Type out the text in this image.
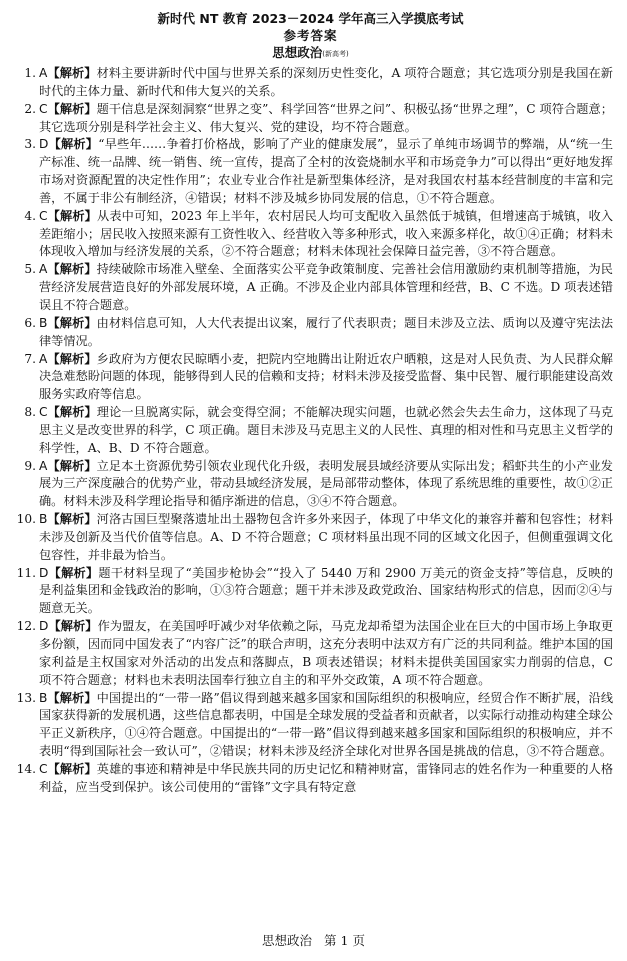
新时代 NT 教育 2023－2024 学年高三入学摸底考试
参考答案
思想政治(新高考)
1. A【解析】材料主要讲新时代中国与世界关系的深刻历史性变化，A 项符合题意；其它选项分别是我国在新时代的主体力量、新时代和伟大复兴的关系。
2. C【解析】题干信息是深刻洞察“世界之变”、科学回答“世界之问”、积极弘扬“世界之理”，C 项符合题意；其它选项分别是科学社会主义、伟大复兴、党的建设，均不符合题意。
3. D【解析】“早些年……争着打价格战，影响了产业的健康发展”，显示了单纯市场调节的弊端，从“统一生产标准、统一品牌、统一销售、统一宣传，提高了全村的汝瓷烧制水平和市场竞争力”可以得出“更好地发挥市场对资源配置的决定性作用”；农业专业合作社是新型集体经济，是对我国农村基本经营制度的丰富和完善，不属于非公有制经济，④错误；材料不涉及城乡协同发展的信息，①不符合题意。
4. C【解析】从表中可知，2023 年上半年，农村居民人均可支配收入虽然低于城镇，但增速高于城镇，收入差距缩小；居民收入按照来源有工资性收入、经营收入等多种形式，收入来源多样化，故①④正确；材料未体现收入增加与经济发展的关系，②不符合题意；材料未体现社会保障日益完善，③不符合题意。
5. A【解析】持续破除市场准入壁垒、全面落实公平竞争政策制度、完善社会信用激励约束机制等措施，为民营经济发展营造良好的外部发展环境，A 正确。不涉及企业内部具体管理和经营，B、C 不选。D 项表述错误且不符合题意。
6. B【解析】由材料信息可知，人大代表提出议案，履行了代表职责；题目未涉及立法、质询以及遵守宪法法律等情况。
7. A【解析】乡政府为方便农民晾晒小麦，把院内空地腾出让附近农户晒粮，这是对人民负责、为人民群众解决急难愁盼问题的体现，能够得到人民的信赖和支持；材料未涉及接受监督、集中民智、履行职能建设高效服务实政府等信息。
8. C【解析】理论一旦脱离实际，就会变得空洞；不能解决现实问题，也就必然会失去生命力，这体现了马克思主义是改变世界的科学，C 项正确。题目未涉及马克思主义的人民性、真理的相对性和马克思主义哲学的科学性，A、B、D 不符合题意。
9. A【解析】立足本土资源优势引领农业现代化升级，表明发展县域经济要从实际出发；稻虾共生的小产业发展为三产深度融合的优势产业，带动县域经济发展，是局部带动整体，体现了系统思维的重要性，故①②正确。材料未涉及科学理论指导和循序渐进的信息，③④不符合题意。
10. B【解析】河洛古国巨型聚落遗址出土器物包含许多外来因子，体现了中华文化的兼容并蓄和包容性；材料未涉及创新及当代价值等信息。A、D 不符合题意；C 项材料虽出现不同的区域文化因子，但侧重强调文化包容性，并非最为恰当。
11. D【解析】题干材料呈现了“美国步枪协会”“投入了 5440 万和 2900 万美元的资金支持”等信息，反映的是利益集团和金钱政治的影响，①③符合题意；题干并未涉及政党政治、国家结构形式的信息，因而②④与题意无关。
12. D【解析】作为盟友，在美国呼吁减少对华依赖之际，马克龙却希望为法国企业在巨大的中国市场上争取更多份额，因而同中国发表了“内容广泛”的联合声明，这充分表明中法双方有广泛的共同利益。维护本国的国家利益是主权国家对外活动的出发点和落脚点，B 项表述错误；材料未提供美国国家实力削弱的信息，C 项不符合题意；材料也未表明法国奉行独立自主的和平外交政策，A 项不符合题意。
13. B【解析】中国提出的“一带一路”倡议得到越来越多国家和国际组织的积极响应，经贸合作不断扩展，沿线国家获得新的发展机遇，这些信息都表明，中国是全球发展的受益者和贡献者，以实际行动推动构建全球公平正义新秩序，①④符合题意。中国提出的“一带一路”倡议得到越来越多国家和国际组织的积极响应，并不表明“得到国际社会一致认可”，②错误；材料未涉及经济全球化对世界各国是挑战的信息，③不符合题意。
14. C【解析】英雄的事迹和精神是中华民族共同的历史记忆和精神财富，雷锋同志的姓名作为一种重要的人格利益，应当受到保护。该公司使用的“雷锋”文字具有特定意
思想政治 第 1 页
